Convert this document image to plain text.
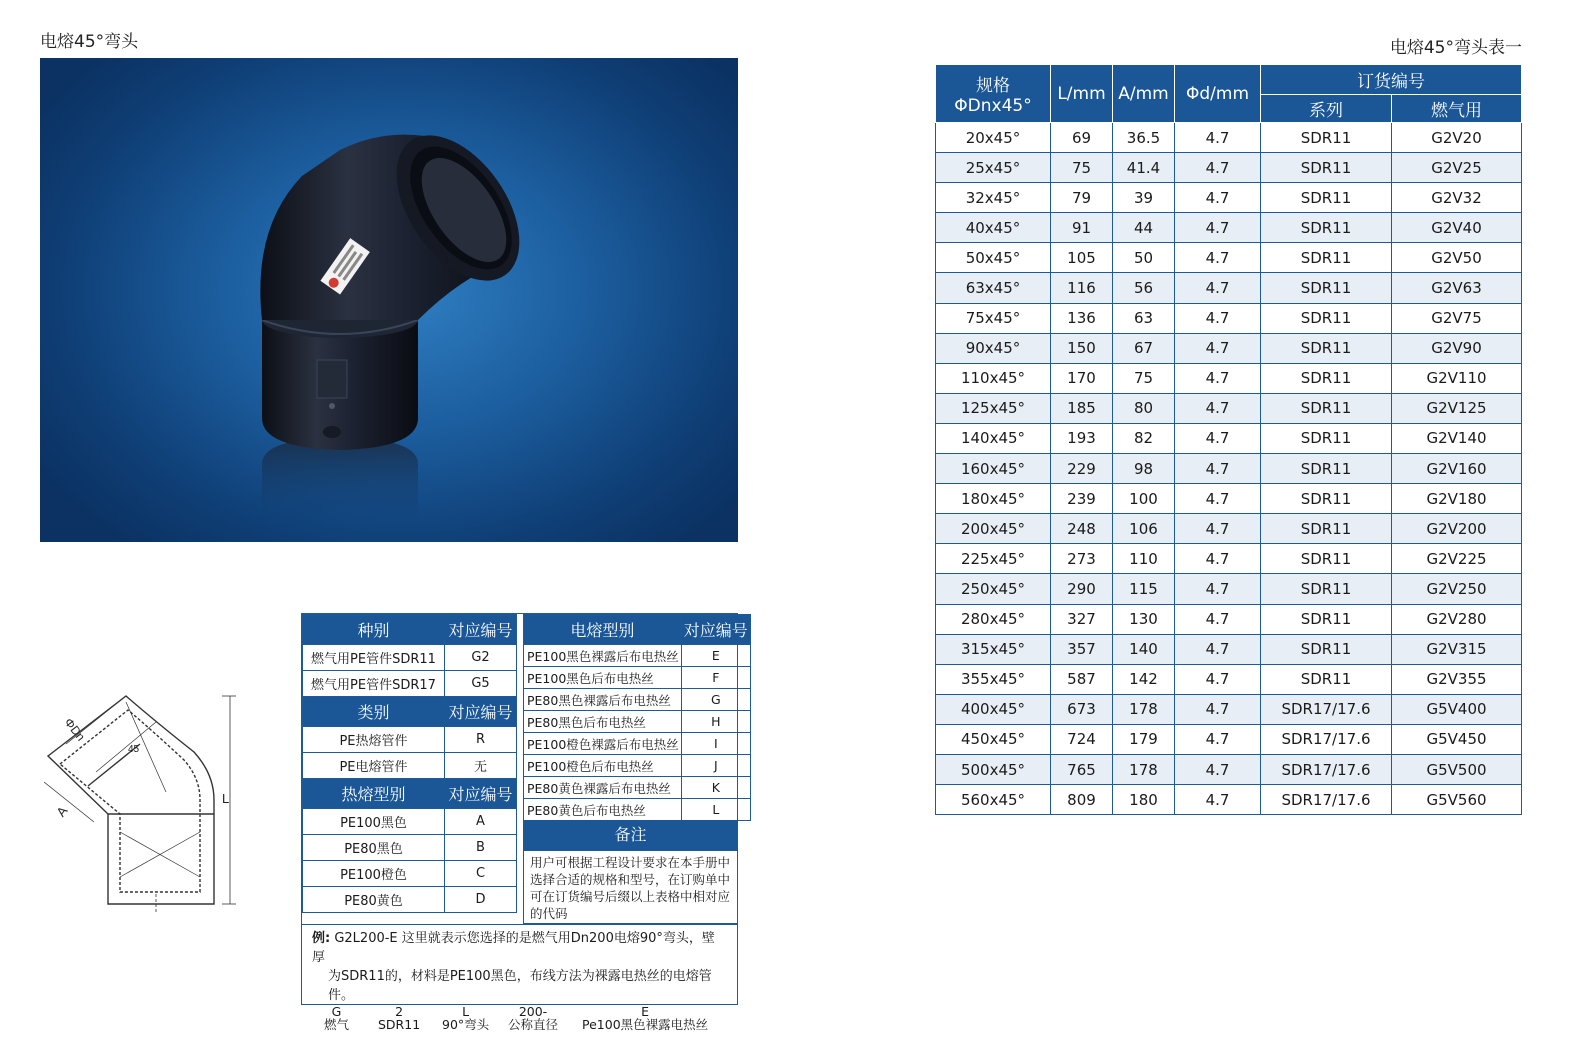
电熔45°弯头	电熔45°弯头表一
L
A
ΦDn
45
种别	对应编号
燃气用PE管件SDR11	G2
燃气用PE管件SDR17	G5
类别	对应编号
PE热熔管件	R
PE电熔管件	无
热熔型别	对应编号
PE100黑色	A
PE80黑色	B
PE100橙色	C
PE80黄色	D
电熔型别	对应编号
PE100黑色裸露后布电热丝	E
PE100黑色后布电热丝	F
PE80黑色裸露后布电热丝	G
PE80黑色后布电热丝	H
PE100橙色裸露后布电热丝	I
PE100橙色后布电热丝	J
PE80黄色裸露后布电热丝	K
PE80黄色后布电热丝	L
备注
用户可根据工程设计要求在本手册中选择合适的规格和型号，在订购单中可在订货编号后缀以上表格中相对应的代码
例: G2L200-E 这里就表示您选择的是燃气用Dn200电熔90°弯头，壁厚
为SDR11的，材料是PE100黑色，布线方法为裸露电热丝的电熔管件。
G
燃气
2
SDR11
L
90°弯头
200-
公称直径
E
Pe100黑色裸露电热丝
规格
ΦDnx45°	L/mm	A/mm	Φd/mm	订货编号	
				系列	燃气用
20x45°	69	36.5	4.7	SDR11	G2V20
25x45°	75	41.4	4.7	SDR11	G2V25
32x45°	79	39	4.7	SDR11	G2V32
40x45°	91	44	4.7	SDR11	G2V40
50x45°	105	50	4.7	SDR11	G2V50
63x45°	116	56	4.7	SDR11	G2V63
75x45°	136	63	4.7	SDR11	G2V75
90x45°	150	67	4.7	SDR11	G2V90
110x45°	170	75	4.7	SDR11	G2V110
125x45°	185	80	4.7	SDR11	G2V125
140x45°	193	82	4.7	SDR11	G2V140
160x45°	229	98	4.7	SDR11	G2V160
180x45°	239	100	4.7	SDR11	G2V180
200x45°	248	106	4.7	SDR11	G2V200
225x45°	273	110	4.7	SDR11	G2V225
250x45°	290	115	4.7	SDR11	G2V250
280x45°	327	130	4.7	SDR11	G2V280
315x45°	357	140	4.7	SDR11	G2V315
355x45°	587	142	4.7	SDR11	G2V355
400x45°	673	178	4.7	SDR17/17.6	G5V400
450x45°	724	179	4.7	SDR17/17.6	G5V450
500x45°	765	178	4.7	SDR17/17.6	G5V500
560x45°	809	180	4.7	SDR17/17.6	G5V560
